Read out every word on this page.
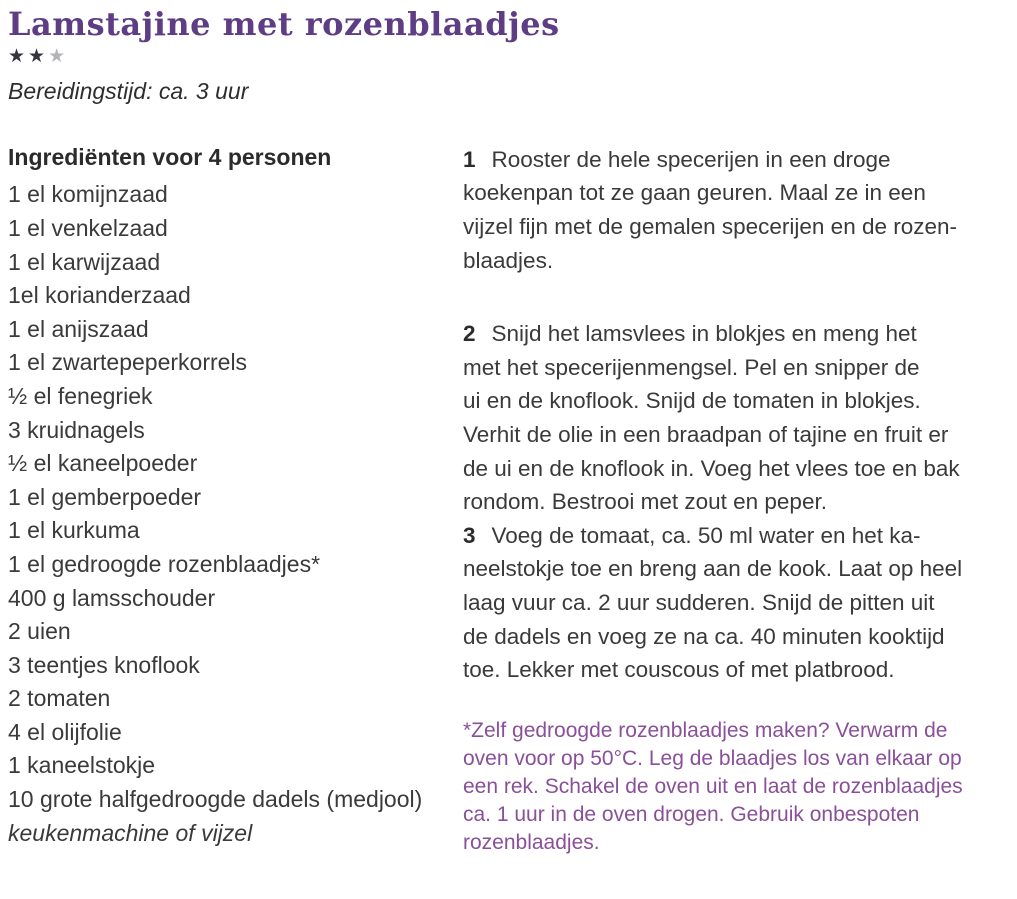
Lamstajine met rozenblaadjes
★★★
Bereidingstijd: ca. 3 uur
Ingrediënten voor 4 personen
1 el komijnzaad
1 el venkelzaad
1 el karwijzaad
1el korianderzaad
1 el anijszaad
1 el zwartepeperkorrels
½ el fenegriek
3 kruidnagels
½ el kaneelpoeder
1 el gemberpoeder
1 el kurkuma
1 el gedroogde rozenblaadjes*
400 g lamsschouder
2 uien
3 teentjes knoflook
2 tomaten
4 el olijfolie
1 kaneelstokje
10 grote halfgedroogde dadels (medjool)
keukenmachine of vijzel
1 Rooster de hele specerijen in een droge
koekenpan tot ze gaan geuren. Maal ze in een
vijzel fijn met de gemalen specerijen en de rozen-
blaadjes.
2 Snijd het lamsvlees in blokjes en meng het
met het specerijenmengsel. Pel en snipper de
ui en de knoflook. Snijd de tomaten in blokjes.
Verhit de olie in een braadpan of tajine en fruit er
de ui en de knoflook in. Voeg het vlees toe en bak
rondom. Bestrooi met zout en peper.
3 Voeg de tomaat, ca. 50 ml water en het ka-
neelstokje toe en breng aan de kook. Laat op heel
laag vuur ca. 2 uur sudderen. Snijd de pitten uit
de dadels en voeg ze na ca. 40 minuten kooktijd
toe. Lekker met couscous of met platbrood.
*Zelf gedroogde rozenblaadjes maken? Verwarm de
oven voor op 50°C. Leg de blaadjes los van elkaar op
een rek. Schakel de oven uit en laat de rozenblaadjes
ca. 1 uur in de oven drogen. Gebruik onbespoten
rozenblaadjes.
